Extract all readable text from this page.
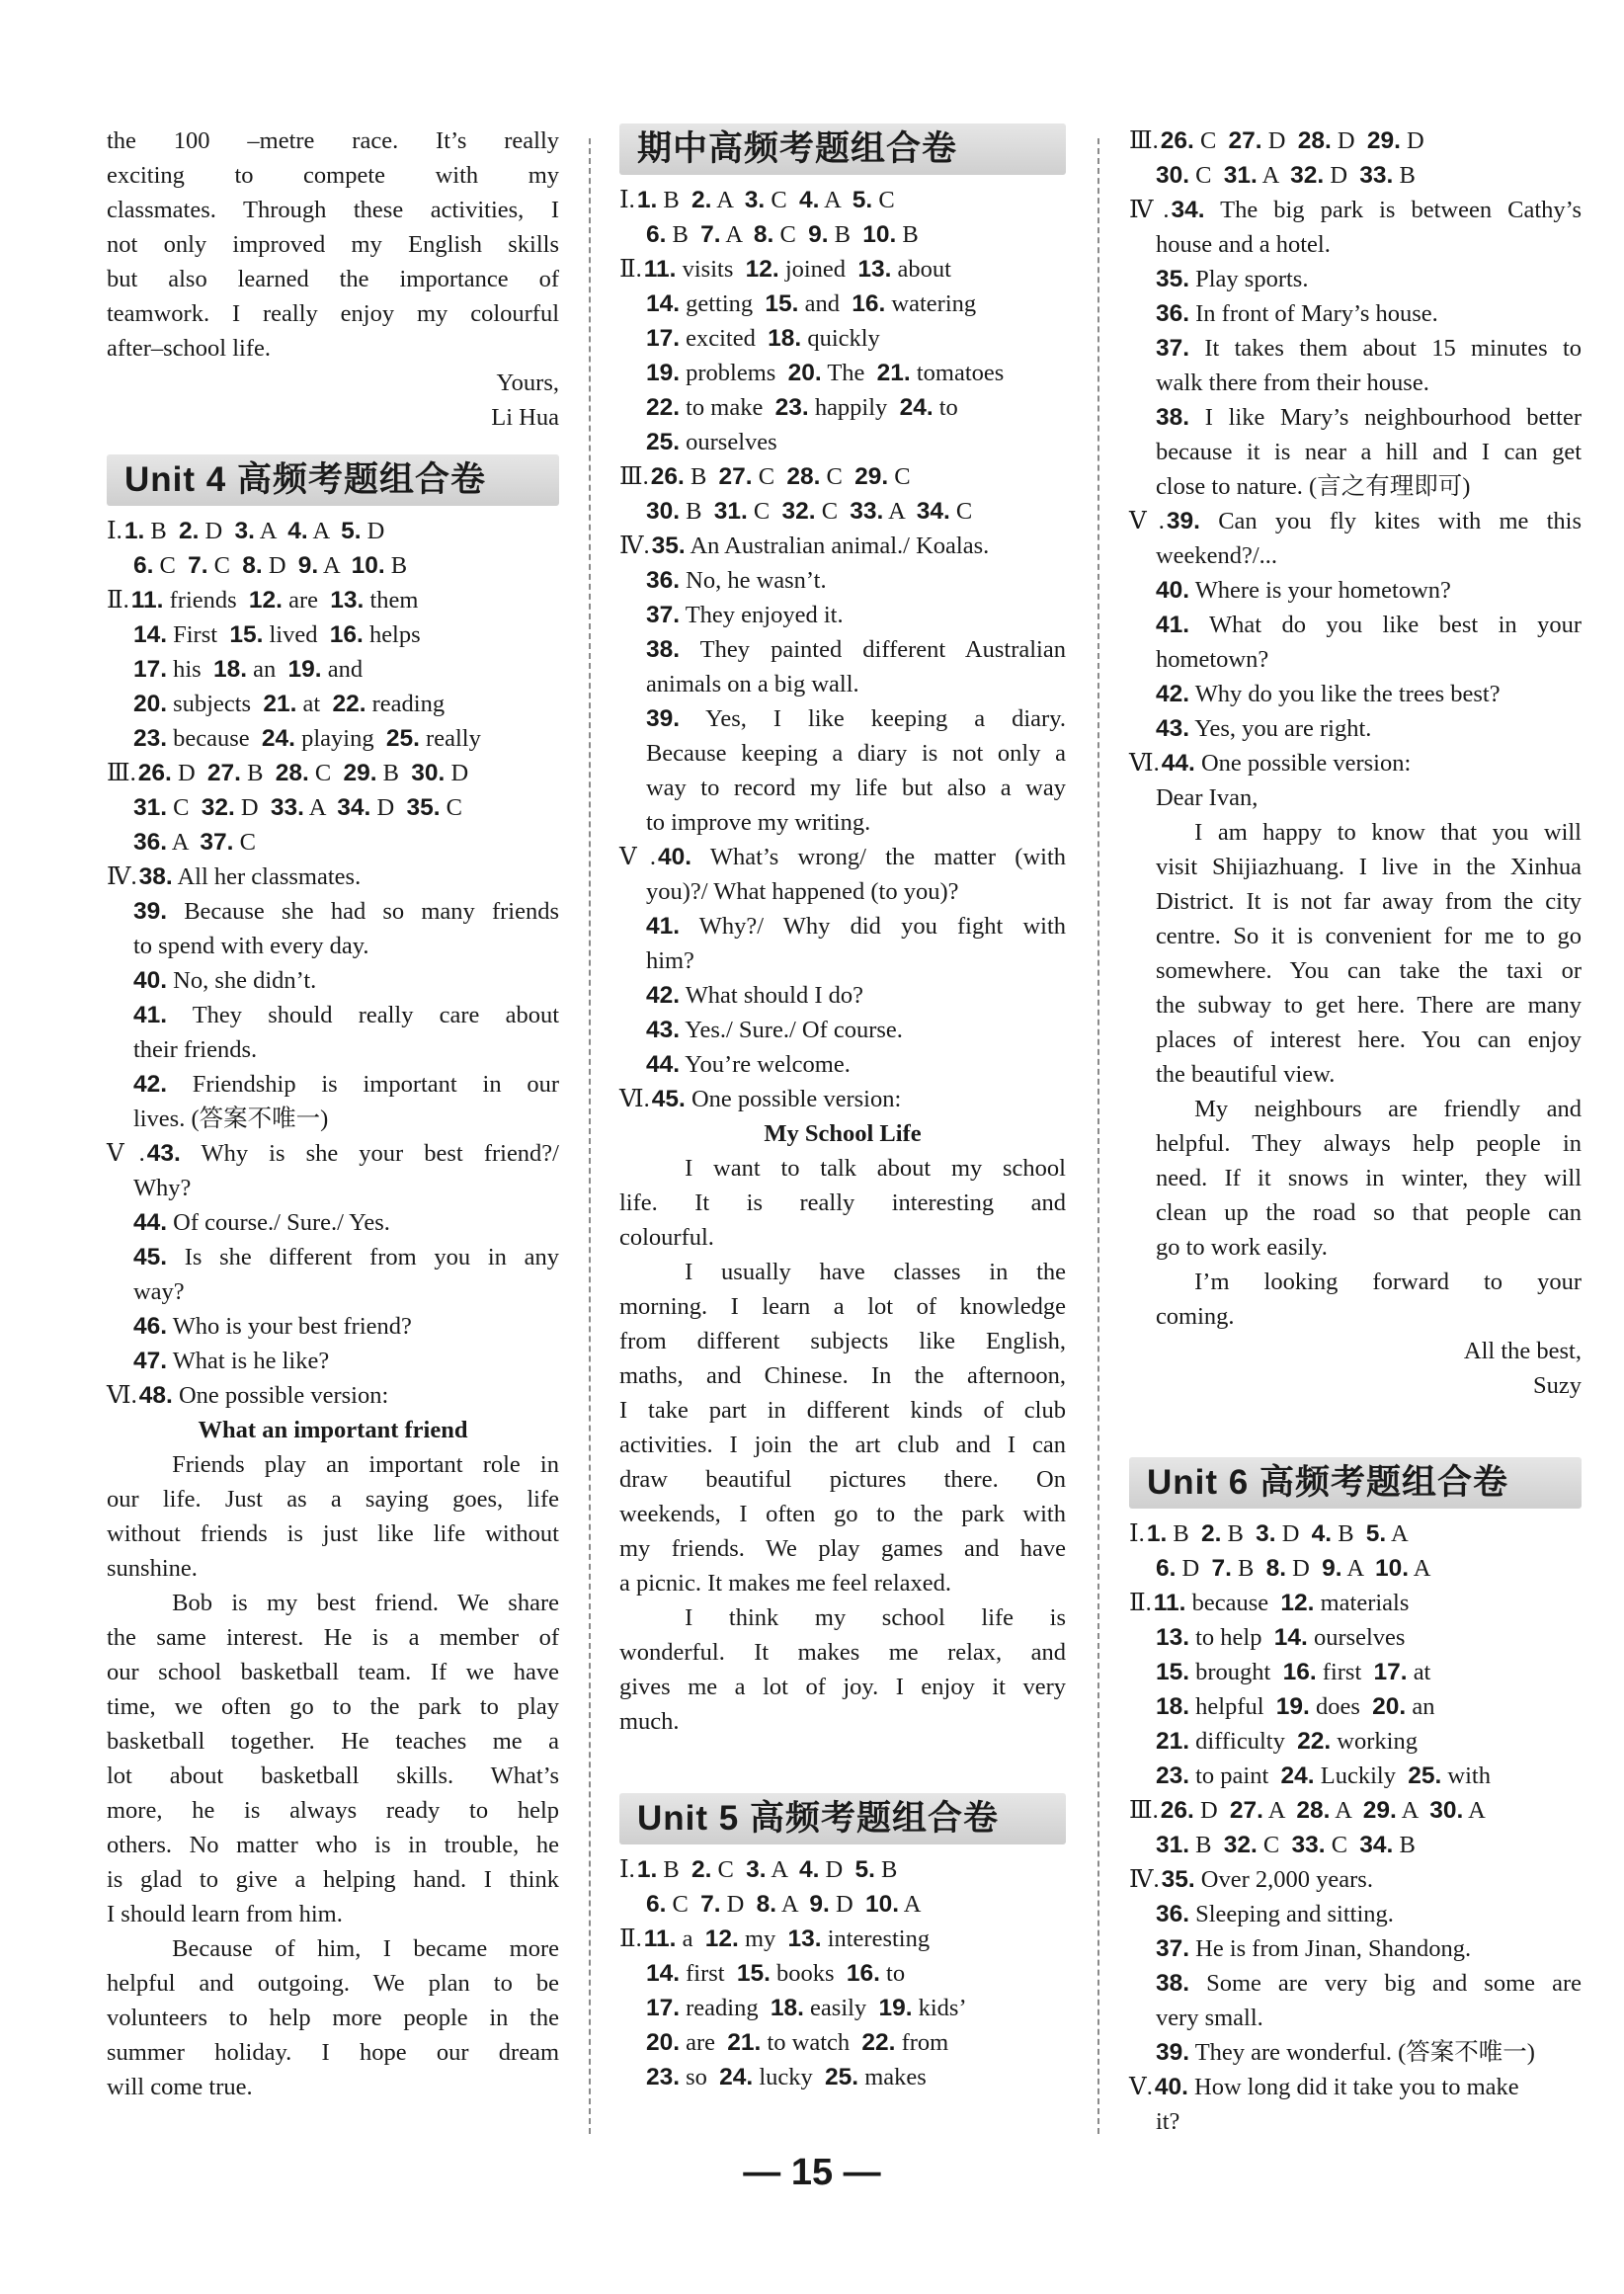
the 100 –metre race. It’s really
exciting to compete with my
classmates. Through these activities, I
not only improved my English skills
but also learned the importance of
teamwork. I really enjoy my colourful
after–school life.
Yours,
Li Hua
Unit 4 高频考题组合卷
Ⅰ.1. B 2. D 3. A 4. A 5. D
6. C 7. C 8. D 9. A 10. B
Ⅱ.11. friends 12. are 13. them
14. First 15. lived 16. helps
17. his 18. an 19. and
20. subjects 21. at 22. reading
23. because 24. playing 25. really
Ⅲ.26. D 27. B 28. C 29. B 30. D
31. C 32. D 33. A 34. D 35. C
36. A 37. C
Ⅳ.38. All her classmates.
39. Because she had so many friends
to spend with every day.
40. No, she didn’t.
41. They should really care about
their friends.
42. Friendship is important in our
lives. (答案不唯一)
Ⅴ.43. Why is she your best friend?/
Why?
44. Of course./ Sure./ Yes.
45. Is she different from you in any
way?
46. Who is your best friend?
47. What is he like?
Ⅵ.48. One possible version:
What an important friend
Friends play an important role in
our life. Just as a saying goes, life
without friends is just like life without
sunshine.
Bob is my best friend. We share
the same interest. He is a member of
our school basketball team. If we have
time, we often go to the park to play
basketball together. He teaches me a
lot about basketball skills. What’s
more, he is always ready to help
others. No matter who is in trouble, he
is glad to give a helping hand. I think
I should learn from him.
Because of him, I became more
helpful and outgoing. We plan to be
volunteers to help more people in the
summer holiday. I hope our dream
will come true.
期中高频考题组合卷
Ⅰ.1. B 2. A 3. C 4. A 5. C
6. B 7. A 8. C 9. B 10. B
Ⅱ.11. visits 12. joined 13. about
14. getting 15. and 16. watering
17. excited 18. quickly
19. problems 20. The 21. tomatoes
22. to make 23. happily 24. to
25. ourselves
Ⅲ.26. B 27. C 28. C 29. C
30. B 31. C 32. C 33. A 34. C
Ⅳ.35. An Australian animal./ Koalas.
36. No, he wasn’t.
37. They enjoyed it.
38. They painted different Australian
animals on a big wall.
39. Yes, I like keeping a diary.
Because keeping a diary is not only a
way to record my life but also a way
to improve my writing.
Ⅴ.40. What’s wrong/ the matter (with
you)?/ What happened (to you)?
41. Why?/ Why did you fight with
him?
42. What should I do?
43. Yes./ Sure./ Of course.
44. You’re welcome.
Ⅵ.45. One possible version:
My School Life
I want to talk about my school
life. It is really interesting and
colourful.
I usually have classes in the
morning. I learn a lot of knowledge
from different subjects like English,
maths, and Chinese. In the afternoon,
I take part in different kinds of club
activities. I join the art club and I can
draw beautiful pictures there. On
weekends, I often go to the park with
my friends. We play games and have
a picnic. It makes me feel relaxed.
I think my school life is
wonderful. It makes me relax, and
gives me a lot of joy. I enjoy it very
much.
Unit 5 高频考题组合卷
Ⅰ.1. B 2. C 3. A 4. D 5. B
6. C 7. D 8. A 9. D 10. A
Ⅱ.11. a 12. my 13. interesting
14. first 15. books 16. to
17. reading 18. easily 19. kids’
20. are 21. to watch 22. from
23. so 24. lucky 25. makes
Ⅲ.26. C 27. D 28. D 29. D
30. C 31. A 32. D 33. B
Ⅳ.34. The big park is between Cathy’s
house and a hotel.
35. Play sports.
36. In front of Mary’s house.
37. It takes them about 15 minutes to
walk there from their house.
38. I like Mary’s neighbourhood better
because it is near a hill and I can get
close to nature. (言之有理即可)
Ⅴ.39. Can you fly kites with me this
weekend?/...
40. Where is your hometown?
41. What do you like best in your
hometown?
42. Why do you like the trees best?
43. Yes, you are right.
Ⅵ.44. One possible version:
Dear Ivan,
I am happy to know that you will
visit Shijiazhuang. I live in the Xinhua
District. It is not far away from the city
centre. So it is convenient for me to go
somewhere. You can take the taxi or
the subway to get here. There are many
places of interest here. You can enjoy
the beautiful view.
My neighbours are friendly and
helpful. They always help people in
need. If it snows in winter, they will
clean up the road so that people can
go to work easily.
I’m looking forward to your
coming.
All the best,
Suzy
Unit 6 高频考题组合卷
Ⅰ.1. B 2. B 3. D 4. B 5. A
6. D 7. B 8. D 9. A 10. A
Ⅱ.11. because 12. materials
13. to help 14. ourselves
15. brought 16. first 17. at
18. helpful 19. does 20. an
21. difficulty 22. working
23. to paint 24. Luckily 25. with
Ⅲ.26. D 27. A 28. A 29. A 30. A
31. B 32. C 33. C 34. B
Ⅳ.35. Over 2,000 years.
36. Sleeping and sitting.
37. He is from Jinan, Shandong.
38. Some are very big and some are
very small.
39. They are wonderful. (答案不唯一)
Ⅴ.40. How long did it take you to make
it?
— 15 —
